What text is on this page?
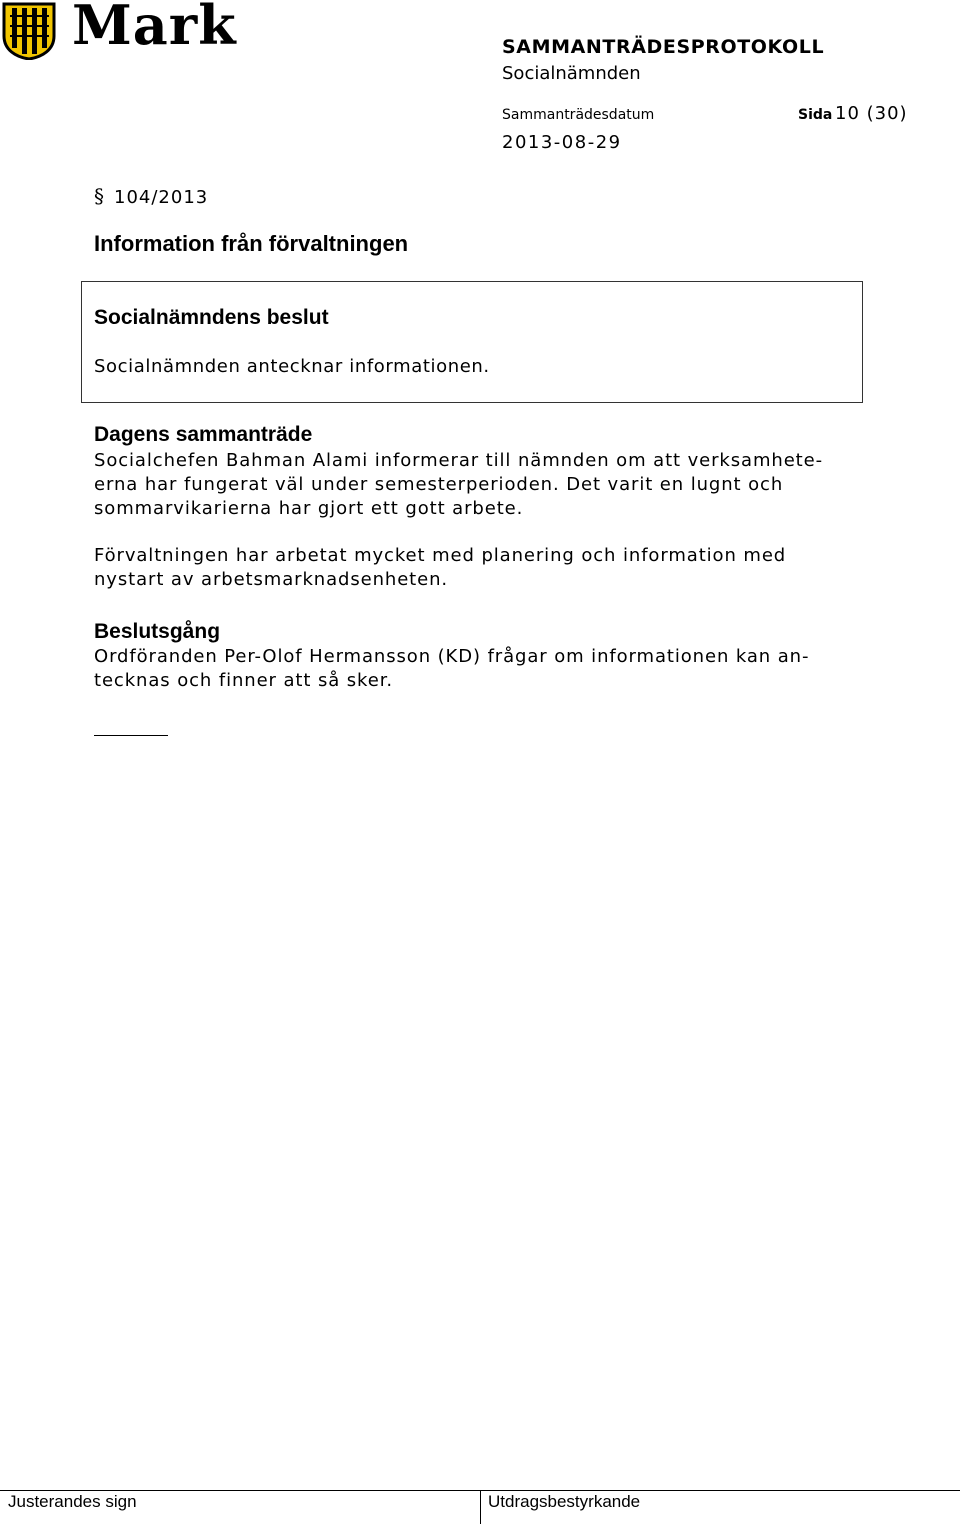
Mark	SAMMANTRÄDESPROTOKOLL
Socialnämnden
Sammanträdesdatum	Sida 10 (30)
2013-08-29
§ 104/2013
Information från förvaltningen
Socialnämndens beslut
Socialnämnden antecknar informationen.
Dagens sammanträde
Socialchefen Bahman Alami informerar till nämnden om att verksamhete-
erna har fungerat väl under semesterperioden. Det varit en lugnt och
sommarvikarierna har gjort ett gott arbete.
Förvaltningen har arbetat mycket med planering och information med
nystart av arbetsmarknadsenheten.
Beslutsgång
Ordföranden Per-Olof Hermansson (KD) frågar om informationen kan an-
tecknas och finner att så sker.
Justerandes sign	Utdragsbestyrkande
